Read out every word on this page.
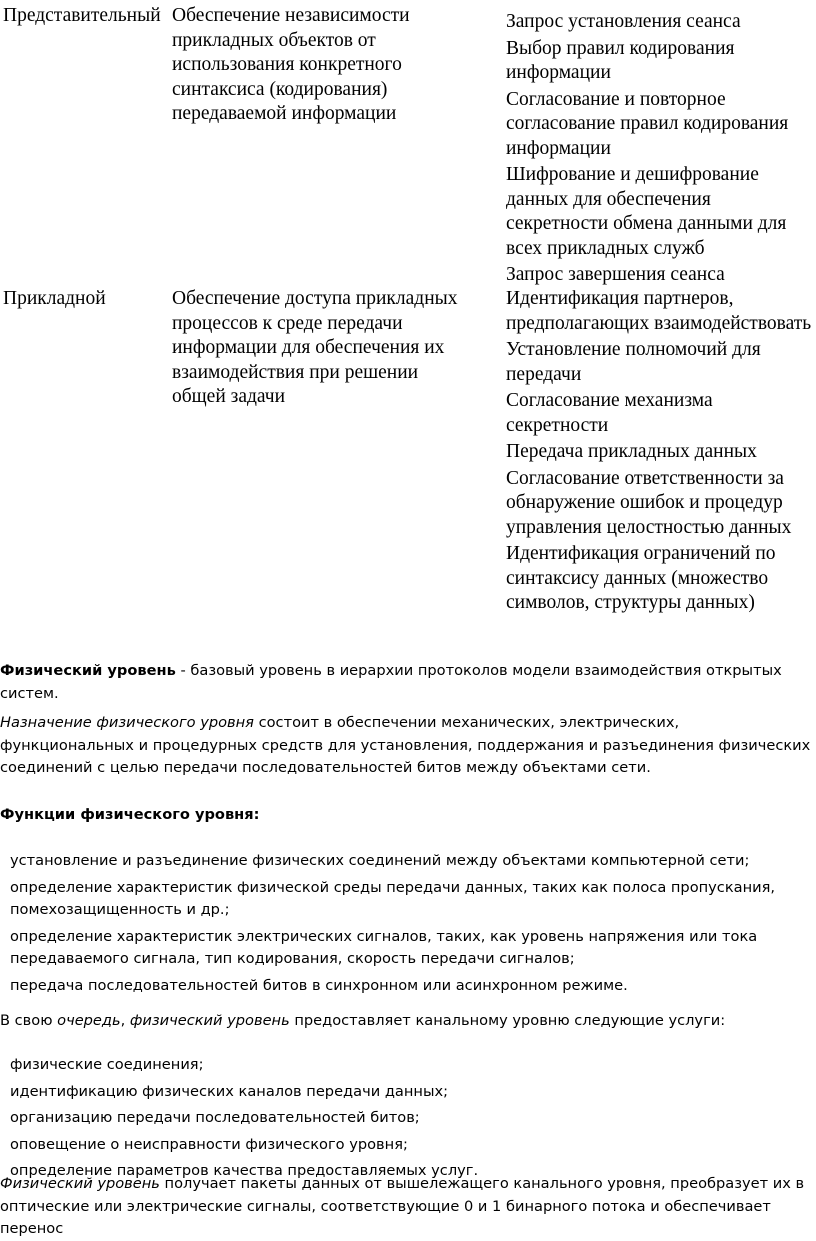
Представительный Обеспечение независимости прикладных объектов от использования конкретного синтаксиса (кодирования) передаваемой информации
Запрос установления сеанса
Выбор правил кодирования информации
Согласование и повторное согласование правил кодирования информации
Шифрование и дешифрование данных для обеспечения секретности обмена данными для всех прикладных служб
Запрос завершения сеанса
Прикладной	Обеспечение доступа прикладных процессов к среде передачи информации для обеспечения их взаимодействия при решении общей задачи
Идентификация партнеров, предполагающих взаимодействовать
Установление полномочий для передачи
Согласование механизма секретности
Передача прикладных данных
Согласование ответственности за обнаружение ошибок и процедур управления целостностью данных
Идентификация ограничений по синтаксису данных (множество символов, структуры данных)

Физический уровень - базовый уровень в иерархии протоколов модели взаимодействия открытых систем.

Назначение физического уровня состоит в обеспечении механических, электрических, функциональных и процедурных средств для установления, поддержания и разъединения физических соединений с целью передачи последовательностей битов между объектами сети.

Функции физического уровня:

установление и разъединение физических соединений между объектами компьютерной сети;
определение характеристик физической среды передачи данных, таких как полоса пропускания, помехозащищенность и др.;
определение характеристик электрических сигналов, таких, как уровень напряжения или тока передаваемого сигнала, тип кодирования, скорость передачи сигналов;
передача последовательностей битов в синхронном или асинхронном режиме.

В свою очередь, физический уровень предоставляет канальному уровню следующие услуги:

физические соединения;
идентификацию физических каналов передачи данных;
организацию передачи последовательностей битов;
оповещение о неисправности физического уровня;
определение параметров качества предоставляемых услуг.

Физический уровень получает пакеты данных от вышележащего канального уровня, преобразует их в оптические или электрические сигналы, соответствующие 0 и 1 бинарного потока и обеспечивает перенос
